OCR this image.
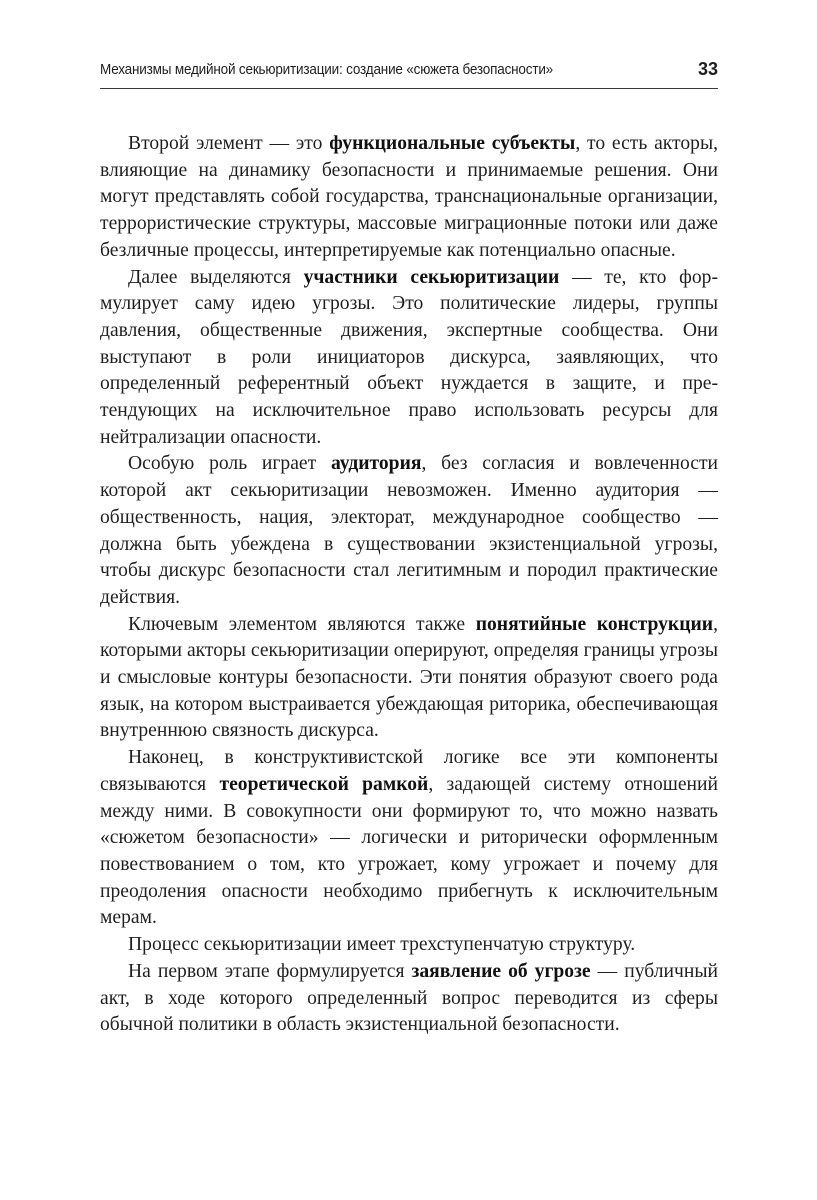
Механизмы медийной секьюритизации: создание «сюжета безопасности»	33

Второй элемент — это функциональные субъекты, то есть акторы, влияющие на динамику безопасности и принимаемые решения. Они могут представлять собой государства, транснациональные организации, террористические структуры, массовые миграционные потоки или даже безличные процессы, интерпретируемые как потенциально опасные.

Далее выделяются участники секьюритизации — те, кто формулирует саму идею угрозы. Это политические лидеры, группы давления, общественные движения, экспертные сообщества. Они выступают в роли инициаторов дискурса, заявляющих, что определенный референтный объект нуждается в защите, и претендующих на исключительное право использовать ресурсы для нейтрализации опасности.

Особую роль играет аудитория, без согласия и вовлеченности которой акт секьюритизации невозможен. Именно аудитория — общественность, нация, электорат, международное сообщество — должна быть убеждена в существовании экзистенциальной угрозы, чтобы дискурс безопасности стал легитимным и породил практические действия.

Ключевым элементом являются также понятийные конструкции, которыми акторы секьюритизации оперируют, определяя границы угрозы и смысловые контуры безопасности. Эти понятия образуют своего рода язык, на котором выстраивается убеждающая риторика, обеспечивающая внутреннюю связность дискурса.

Наконец, в конструктивистской логике все эти компоненты связываются теоретической рамкой, задающей систему отношений между ними. В совокупности они формируют то, что можно назвать «сюжетом безопасности» — логически и риторически оформленным повествованием о том, кто угрожает, кому угрожает и почему для преодоления опасности необходимо прибегнуть к исключительным мерам.

Процесс секьюритизации имеет трехступенчатую структуру.

На первом этапе формулируется заявление об угрозе — публичный акт, в ходе которого определенный вопрос переводится из сферы обычной политики в область экзистенциальной безопасности.
